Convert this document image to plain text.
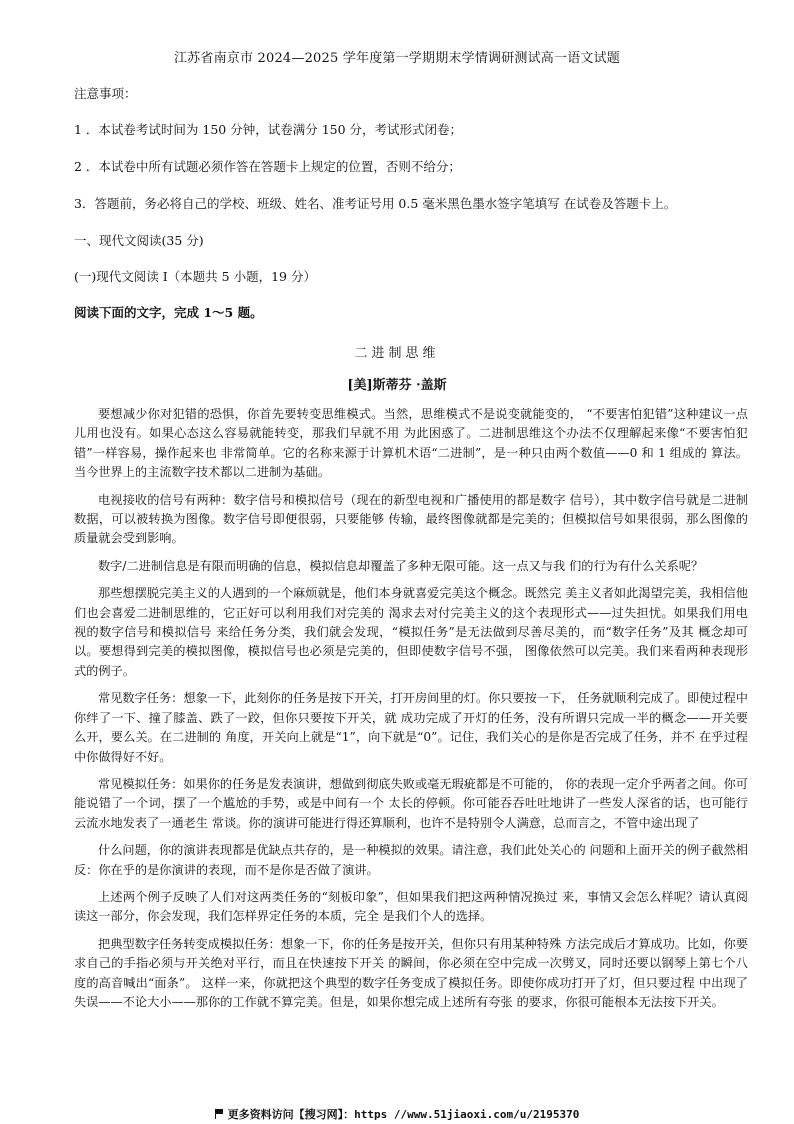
江苏省南京市 2024—2025 学年度第一学期期末学情调研测试高一语文试题
注意事项：
1 ．本试卷考试时间为 150 分钟，试卷满分 150 分，考试形式闭卷；
2 ．本试卷中所有试题必须作答在答题卡上规定的位置，否则不给分；
3．答题前，务必将自己的学校、班级、姓名、准考证号用 0.5 毫米黑色墨水签字笔填写 在试卷及答题卡上。
一、现代文阅读(35 分)
(一)现代文阅读 Ⅰ（本题共 5 小题，19 分）
阅读下面的文字，完成 1～5 题。
二进制思维
[美]斯蒂芬 ·盖斯

要想减少你对犯错的恐惧，你首先要转变思维模式。当然，思维模式不是说变就能变的， “不要害怕犯错”这种建议一点儿用也没有。如果心态这么容易就能转变，那我们早就不用 为此困惑了。二进制思维这个办法不仅理解起来像“不要害怕犯错”一样容易，操作起来也 非常简单。它的名称来源于计算机术语“二进制”，是一种只由两个数值——0 和 1 组成的 算法。当今世界上的主流数字技术都以二进制为基础。

电视接收的信号有两种：数字信号和模拟信号（现在的新型电视和广播使用的都是数字 信号），其中数字信号就是二进制数据，可以被转换为图像。数字信号即便很弱，只要能够 传输，最终图像就都是完美的；但模拟信号如果很弱，那么图像的质量就会受到影响。

数字/二进制信息是有限而明确的信息，模拟信息却覆盖了多种无限可能。这一点又与我 们的行为有什么关系呢？

那些想摆脱完美主义的人遇到的一个麻烦就是，他们本身就喜爱完美这个概念。既然完 美主义者如此渴望完美，我相信他们也会喜爱二进制思维的，它正好可以利用我们对完美的 渴求去对付完美主义的这个表现形式——过失担忧。如果我们用电视的数字信号和模拟信号 来给任务分类，我们就会发现，“模拟任务”是无法做到尽善尽美的，而“数字任务”及其 概念却可以。要想得到完美的模拟图像，模拟信号也必须是完美的，但即使数字信号不强， 图像依然可以完美。我们来看两种表现形式的例子。

常见数字任务：想象一下，此刻你的任务是按下开关，打开房间里的灯。你只要按一下， 任务就顺利完成了。即使过程中你绊了一下、撞了膝盖、跌了一跤，但你只要按下开关，就 成功完成了开灯的任务，没有所谓只完成一半的概念——开关要么开，要么关。在二进制的 角度，开关向上就是“1”，向下就是“0”。记住，我们关心的是你是否完成了任务，并不 在乎过程中你做得好不好。

常见模拟任务：如果你的任务是发表演讲，想做到彻底失败或毫无瑕疵都是不可能的， 你的表现一定介乎两者之间。你可能说错了一个词，摆了一个尴尬的手势，或是中间有一个 太长的停顿。你可能吞吞吐吐地讲了一些发人深省的话，也可能行云流水地发表了一通老生 常谈。你的演讲可能进行得还算顺利，也许不是特别令人满意，总而言之，不管中途出现了

什么问题，你的演讲表现都是优缺点共存的，是一种模拟的效果。请注意，我们此处关心的 问题和上面开关的例子截然相反：你在乎的是你演讲的表现，而不是你是否做了演讲。

上述两个例子反映了人们对这两类任务的“刻板印象”，但如果我们把这两种情况换过 来，事情又会怎么样呢？请认真阅读这一部分，你会发现，我们怎样界定任务的本质，完全 是我们个人的选择。

把典型数字任务转变成模拟任务：想象一下，你的任务是按开关，但你只有用某种特殊 方法完成后才算成功。比如，你要求自己的手指必须与开关绝对平行，而且在快速按下开关 的瞬间，你必须在空中完成一次劈叉，同时还要以钢琴上第七个八度的高音喊出“面条”。 这样一来，你就把这个典型的数字任务变成了模拟任务。即使你成功打开了灯，但只要过程 中出现了失误——不论大小——那你的工作就不算完美。但是，如果你想完成上述所有夸张 的要求，你很可能根本无法按下开关。

更多资料访问【搜习网】：https //www.51jiaoxi.com/u/2195370
